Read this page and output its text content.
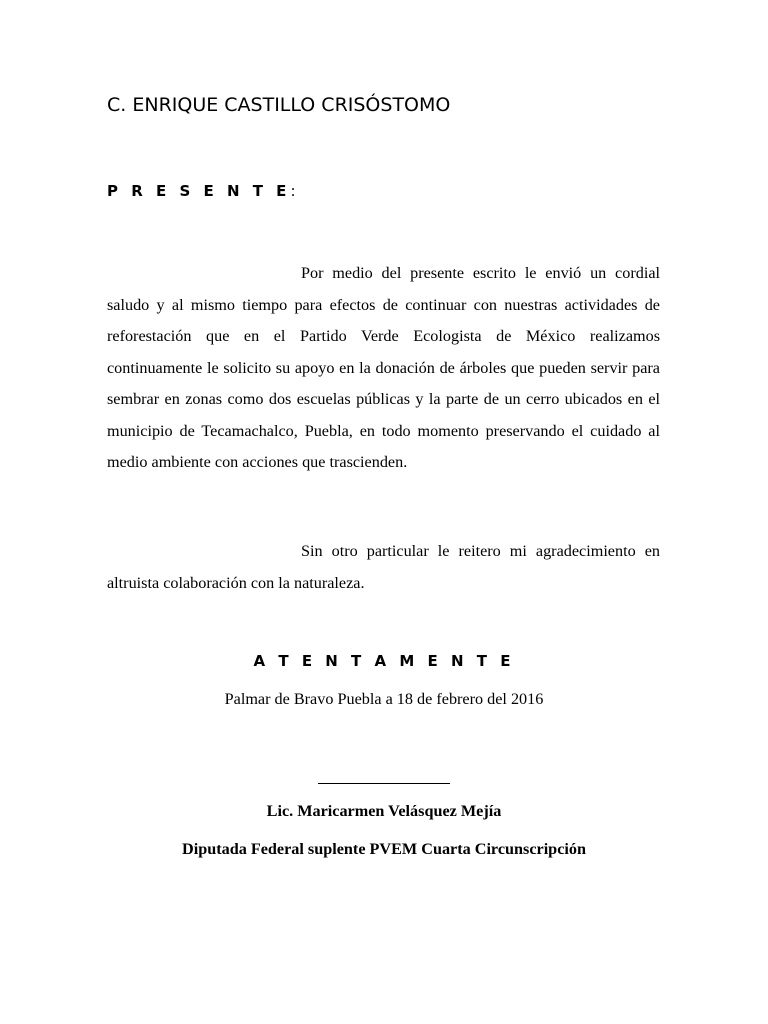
C. ENRIQUE CASTILLO CRISÓSTOMO
P R E S E N T E:

Por medio del presente escrito le envió un cordial saludo y al mismo tiempo para efectos de continuar con nuestras actividades de reforestación que en el Partido Verde Ecologista de México realizamos continuamente le solicito su apoyo en la donación de árboles que pueden servir para sembrar en zonas como dos escuelas públicas y la parte de un cerro ubicados en el municipio de Tecamachalco, Puebla, en todo momento preservando el cuidado al medio ambiente con acciones que trascienden.

Sin otro particular le reitero mi agradecimiento en altruista colaboración con la naturaleza.

A T E N T A M E N T E
Palmar de Bravo Puebla a 18 de febrero del 2016
Lic. Maricarmen Velásquez Mejía
Diputada Federal suplente PVEM Cuarta Circunscripción
